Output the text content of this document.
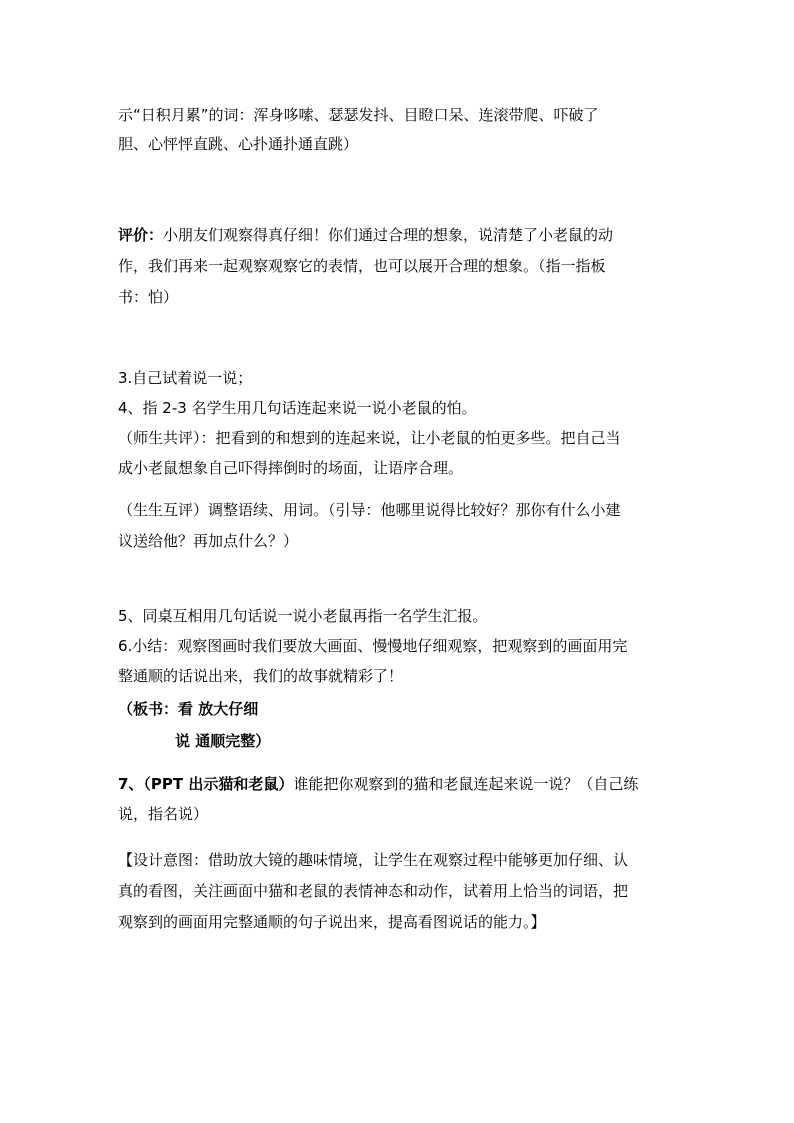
示“日积月累”的词：浑身哆嗦、瑟瑟发抖、目瞪口呆、连滚带爬、吓破了
胆、心怦怦直跳、心扑通扑通直跳）
评价：小朋友们观察得真仔细！你们通过合理的想象，说清楚了小老鼠的动
作，我们再来一起观察观察它的表情，也可以展开合理的想象。（指一指板
书：怕）
3.自己试着说一说；
4、指 2-3 名学生用几句话连起来说一说小老鼠的怕。
（师生共评）：把看到的和想到的连起来说，让小老鼠的怕更多些。把自己当
成小老鼠想象自己吓得摔倒时的场面，让语序合理。
（生生互评）调整语续、用词。（引导：他哪里说得比较好？那你有什么小建
议送给他？再加点什么？）
5、同桌互相用几句话说一说小老鼠再指一名学生汇报。
6.小结：观察图画时我们要放大画面、慢慢地仔细观察，把观察到的画面用完
整通顺的话说出来，我们的故事就精彩了！
（板书：看 放大仔细
说 通顺完整）
7、（PPT 出示猫和老鼠）谁能把你观察到的猫和老鼠连起来说一说？（自己练
说，指名说）
【设计意图：借助放大镜的趣味情境，让学生在观察过程中能够更加仔细、认
真的看图，关注画面中猫和老鼠的表情神态和动作，试着用上恰当的词语，把
观察到的画面用完整通顺的句子说出来，提高看图说话的能力。】
